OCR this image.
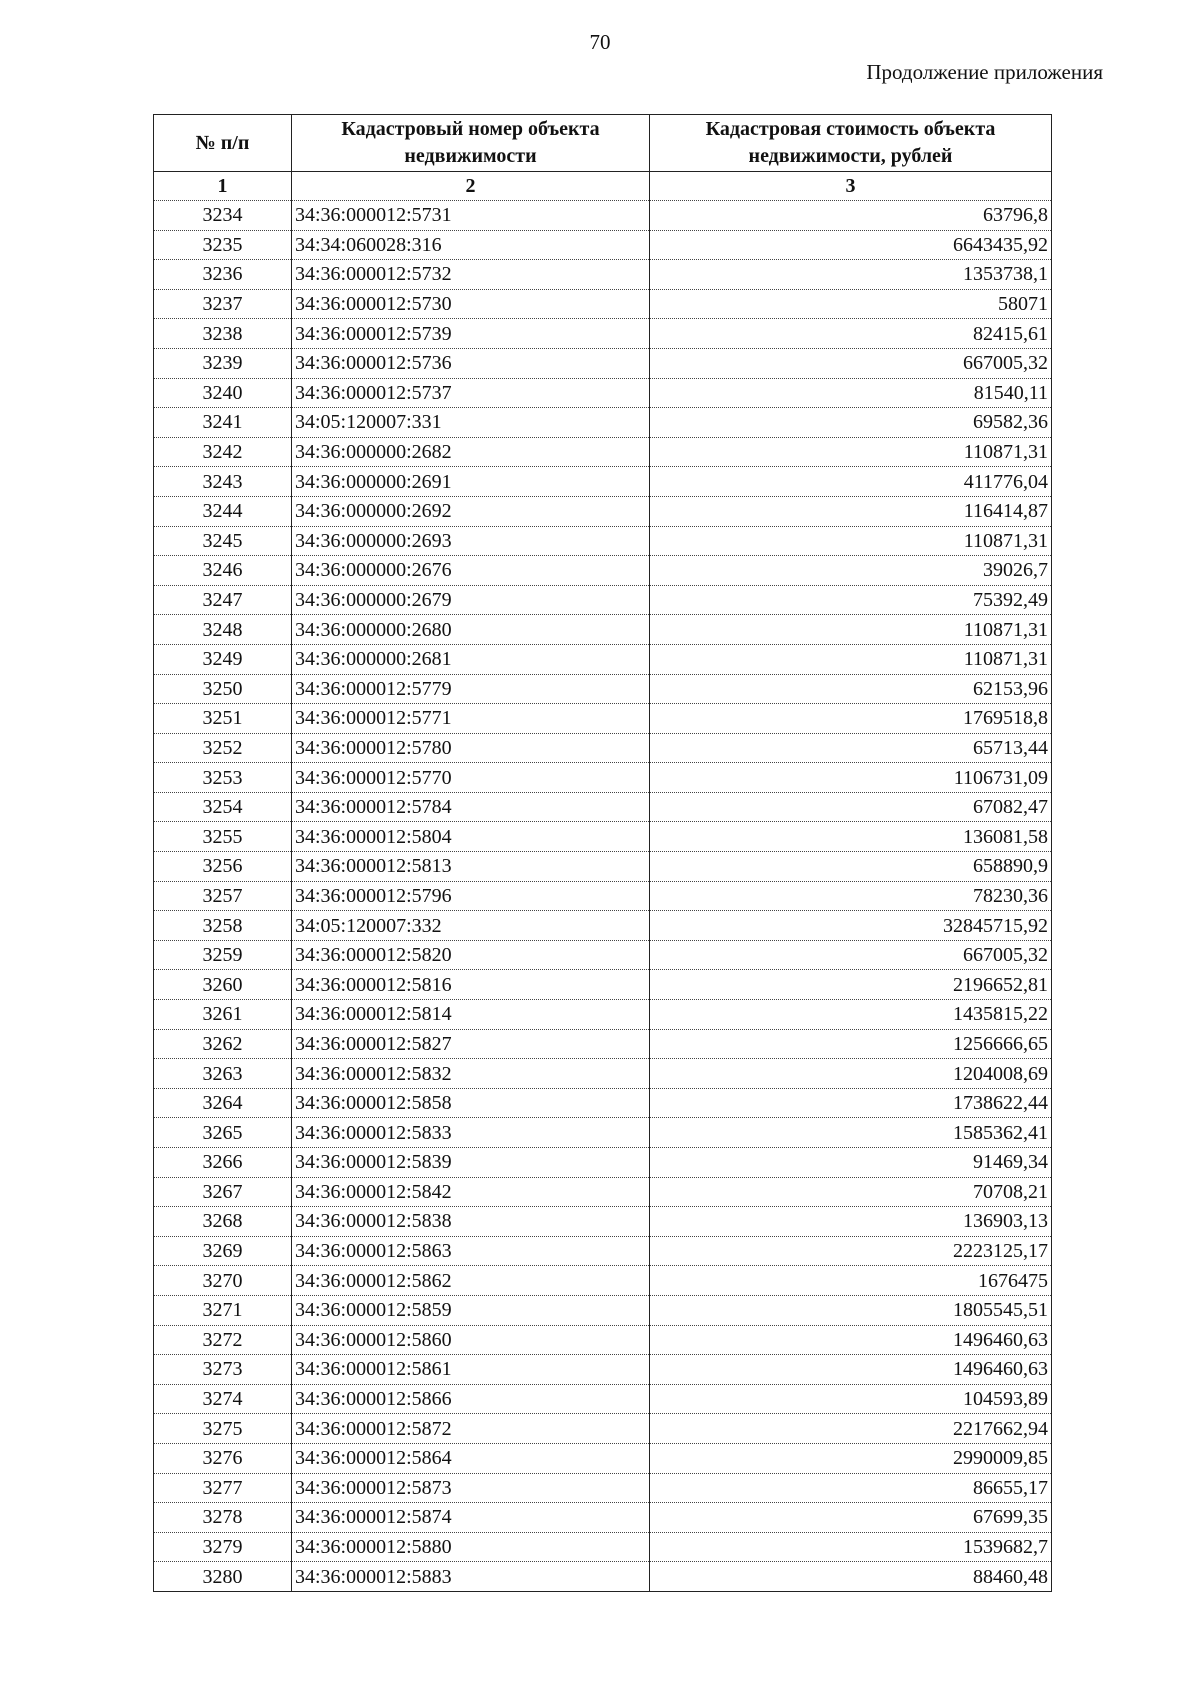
70
Продолжение приложения
№ п/п	Кадастровый номер объекта недвижимости	Кадастровая стоимость объекта недвижимости, рублей
1	2	3
3234	34:36:000012:5731	63796,8
3235	34:34:060028:316	6643435,92
3236	34:36:000012:5732	1353738,1
3237	34:36:000012:5730	58071
3238	34:36:000012:5739	82415,61
3239	34:36:000012:5736	667005,32
3240	34:36:000012:5737	81540,11
3241	34:05:120007:331	69582,36
3242	34:36:000000:2682	110871,31
3243	34:36:000000:2691	411776,04
3244	34:36:000000:2692	116414,87
3245	34:36:000000:2693	110871,31
3246	34:36:000000:2676	39026,7
3247	34:36:000000:2679	75392,49
3248	34:36:000000:2680	110871,31
3249	34:36:000000:2681	110871,31
3250	34:36:000012:5779	62153,96
3251	34:36:000012:5771	1769518,8
3252	34:36:000012:5780	65713,44
3253	34:36:000012:5770	1106731,09
3254	34:36:000012:5784	67082,47
3255	34:36:000012:5804	136081,58
3256	34:36:000012:5813	658890,9
3257	34:36:000012:5796	78230,36
3258	34:05:120007:332	32845715,92
3259	34:36:000012:5820	667005,32
3260	34:36:000012:5816	2196652,81
3261	34:36:000012:5814	1435815,22
3262	34:36:000012:5827	1256666,65
3263	34:36:000012:5832	1204008,69
3264	34:36:000012:5858	1738622,44
3265	34:36:000012:5833	1585362,41
3266	34:36:000012:5839	91469,34
3267	34:36:000012:5842	70708,21
3268	34:36:000012:5838	136903,13
3269	34:36:000012:5863	2223125,17
3270	34:36:000012:5862	1676475
3271	34:36:000012:5859	1805545,51
3272	34:36:000012:5860	1496460,63
3273	34:36:000012:5861	1496460,63
3274	34:36:000012:5866	104593,89
3275	34:36:000012:5872	2217662,94
3276	34:36:000012:5864	2990009,85
3277	34:36:000012:5873	86655,17
3278	34:36:000012:5874	67699,35
3279	34:36:000012:5880	1539682,7
3280	34:36:000012:5883	88460,48
